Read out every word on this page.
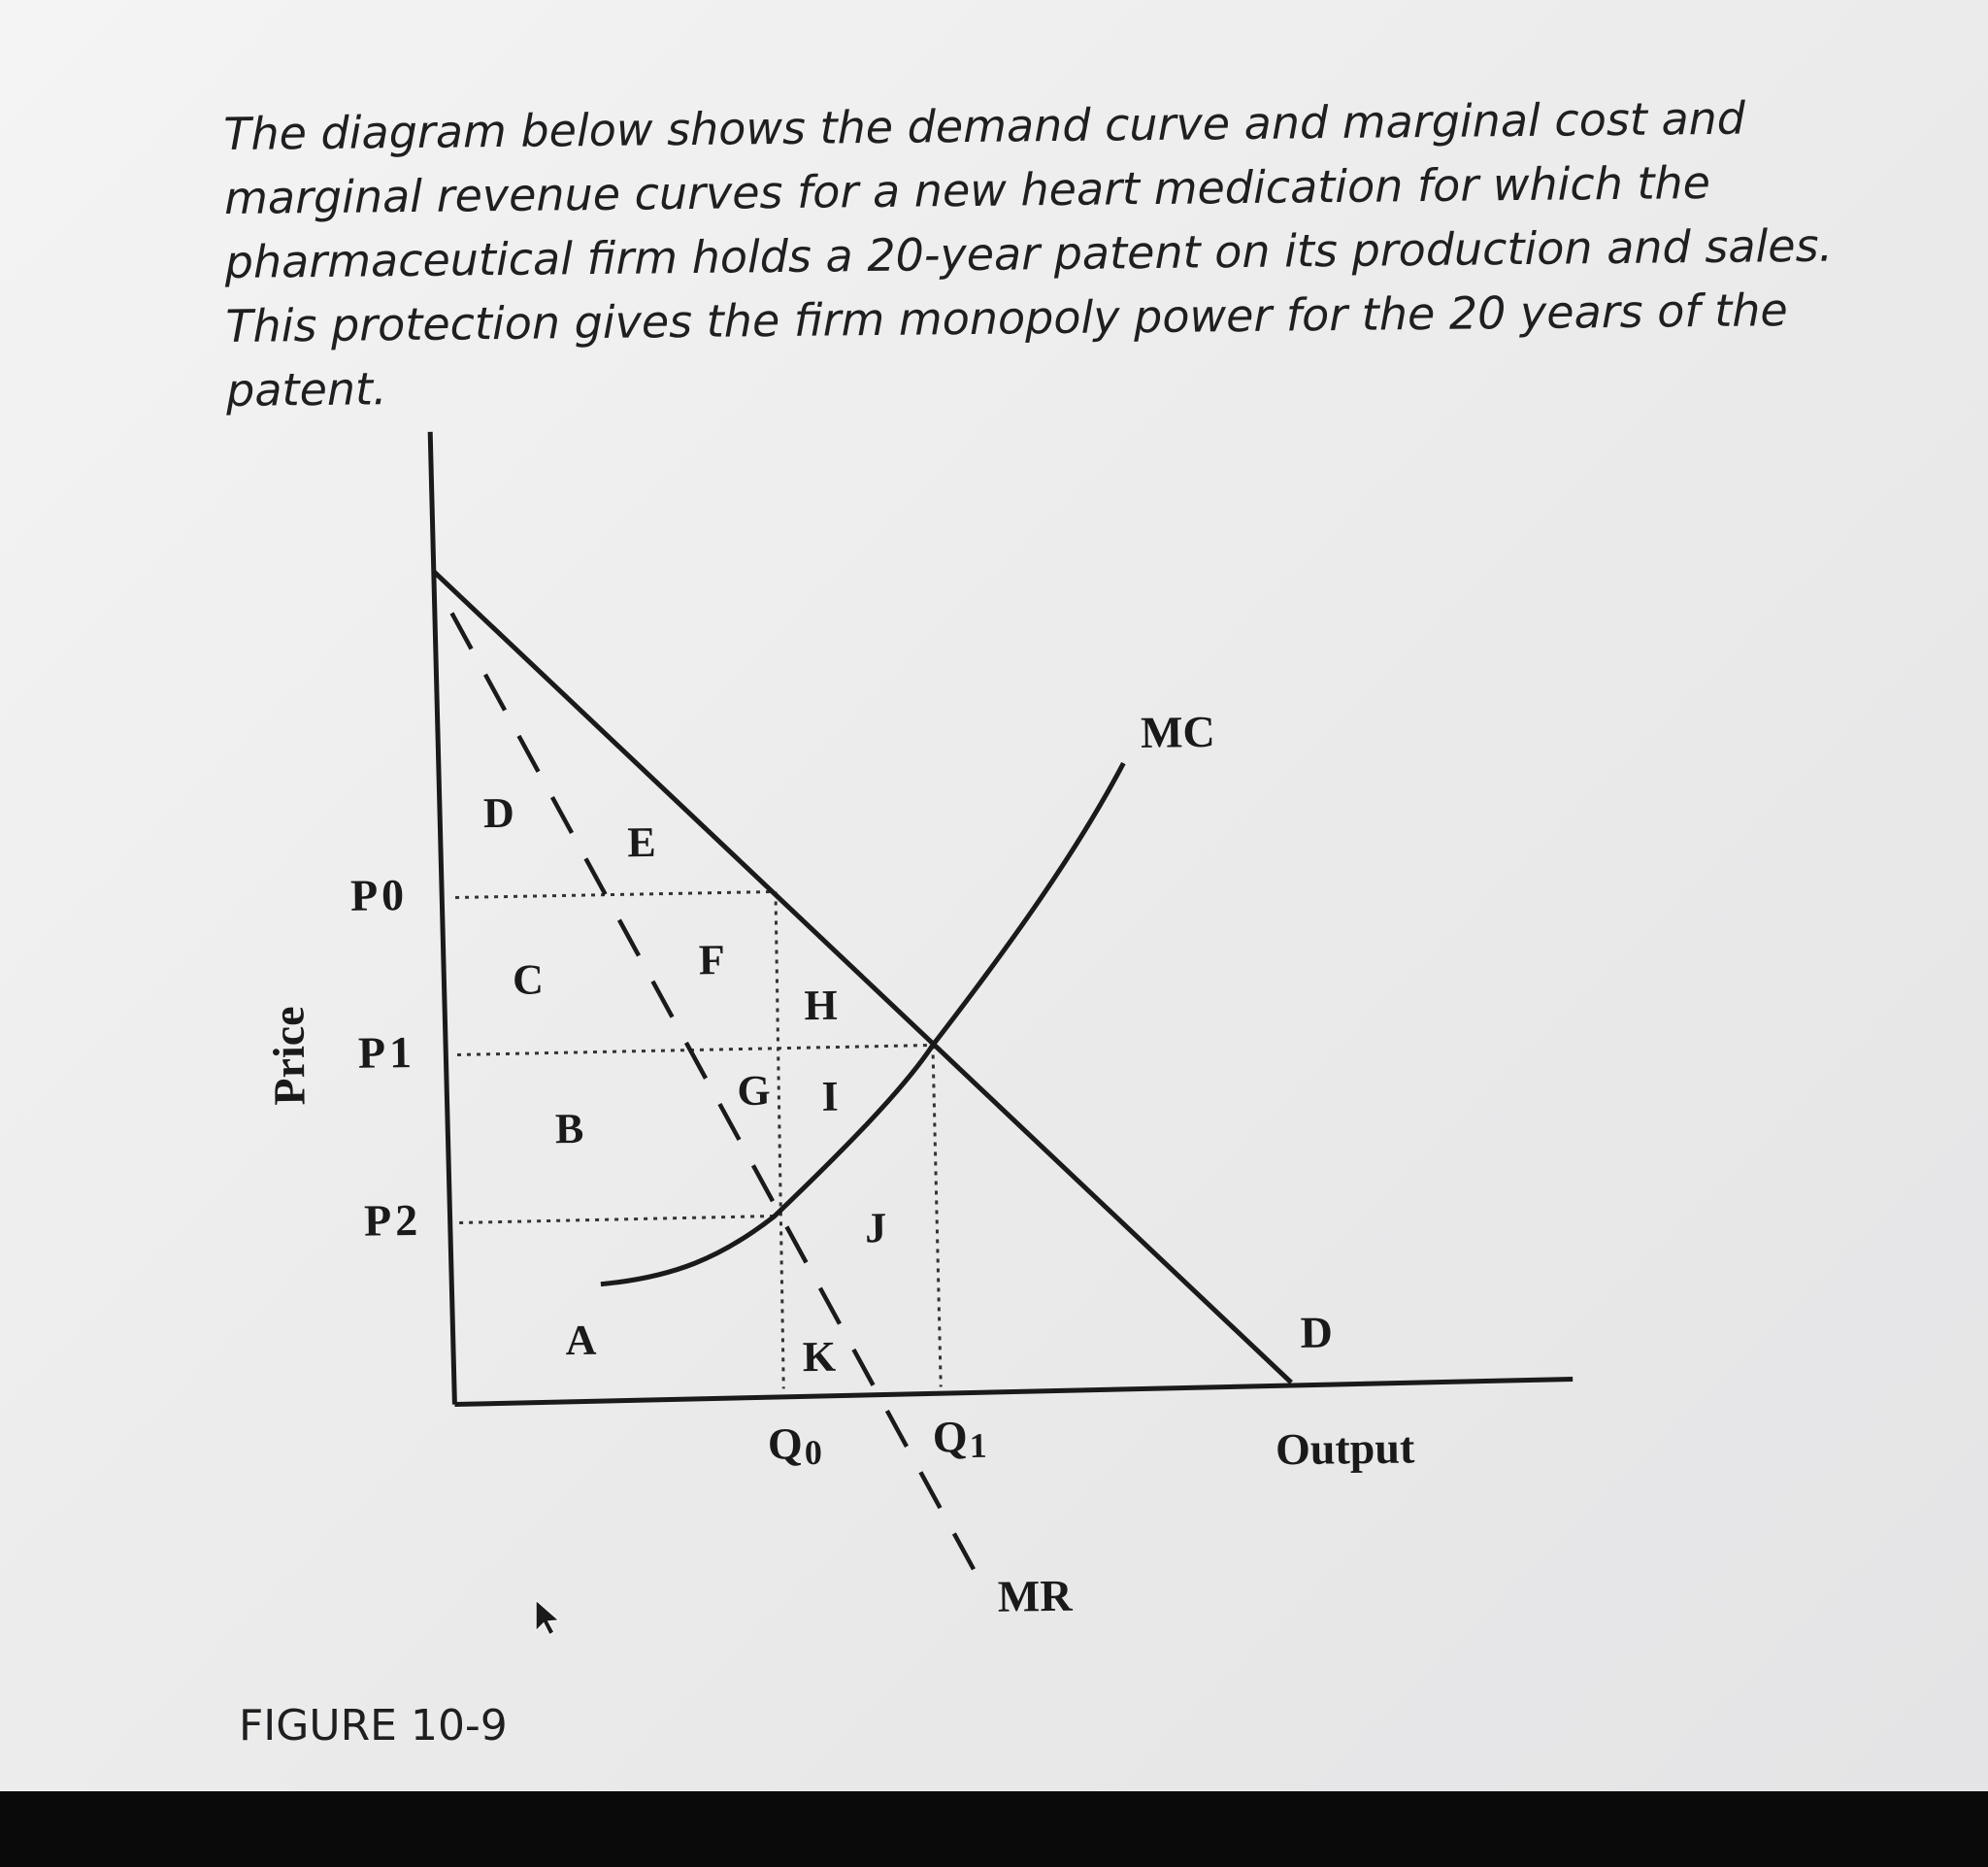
The diagram below shows the demand curve and marginal cost and marginal revenue curves for a new heart medication for which the pharmaceutical firm holds a 20-year patent on its production and sales. This protection gives the firm monopoly power for the 20 years of the patent.

P0
P1
P2
Price
Q0 Q1	Output
MC
MR
D
D
E
C	F
H
G I
B
J
A	K

FIGURE 10-9
